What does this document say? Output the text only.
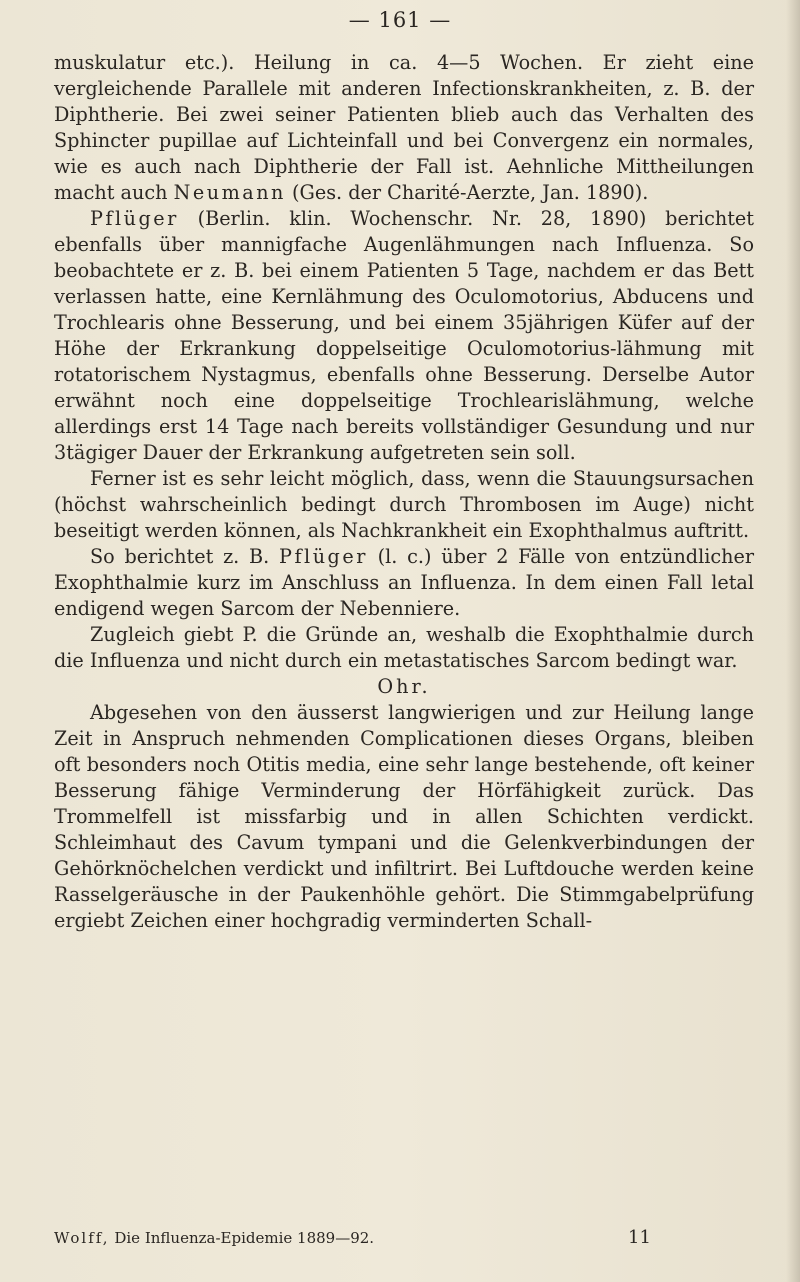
— 161 —

muskulatur etc.). Heilung in ca. 4—5 Wochen. Er zieht eine vergleichende Parallele mit anderen Infectionskrankheiten, z. B. der Diphtherie. Bei zwei seiner Patienten blieb auch das Verhalten des Sphincter pupillae auf Lichteinfall und bei Convergenz ein normales, wie es auch nach Diphtherie der Fall ist. Aehnliche Mittheilungen macht auch Neumann (Ges. der Charité-Aerzte, Jan. 1890).

Pflüger (Berlin. klin. Wochenschr. Nr. 28, 1890) berichtet ebenfalls über mannigfache Augenlähmungen nach Influenza. So beobachtete er z. B. bei einem Patienten 5 Tage, nachdem er das Bett verlassen hatte, eine Kernlähmung des Oculomotorius, Abducens und Trochlearis ohne Besserung, und bei einem 35jährigen Küfer auf der Höhe der Erkrankung doppelseitige Oculomotorius-lähmung mit rotatorischem Nystagmus, ebenfalls ohne Besserung. Derselbe Autor erwähnt noch eine doppelseitige Trochlearislähmung, welche allerdings erst 14 Tage nach bereits vollständiger Gesundung und nur 3tägiger Dauer der Erkrankung aufgetreten sein soll.

Ferner ist es sehr leicht möglich, dass, wenn die Stauungsursachen (höchst wahrscheinlich bedingt durch Thrombosen im Auge) nicht beseitigt werden können, als Nachkrankheit ein Exophthalmus auftritt.

So berichtet z. B. Pflüger (l. c.) über 2 Fälle von entzündlicher Exophthalmie kurz im Anschluss an Influenza. In dem einen Fall letal endigend wegen Sarcom der Nebenniere.

Zugleich giebt P. die Gründe an, weshalb die Exophthalmie durch die Influenza und nicht durch ein metastatisches Sarcom bedingt war.

Ohr.

Abgesehen von den äusserst langwierigen und zur Heilung lange Zeit in Anspruch nehmenden Complicationen dieses Organs, bleiben oft besonders noch Otitis media, eine sehr lange bestehende, oft keiner Besserung fähige Verminderung der Hörfähigkeit zurück. Das Trommelfell ist missfarbig und in allen Schichten verdickt. Schleimhaut des Cavum tympani und die Gelenkverbindungen der Gehörknöchelchen verdickt und infiltrirt. Bei Luftdouche werden keine Rasselgeräusche in der Paukenhöhle gehört. Die Stimmgabelprüfung ergiebt Zeichen einer hochgradig verminderten Schall-

Wolff, Die Influenza-Epidemie 1889—92.	11
